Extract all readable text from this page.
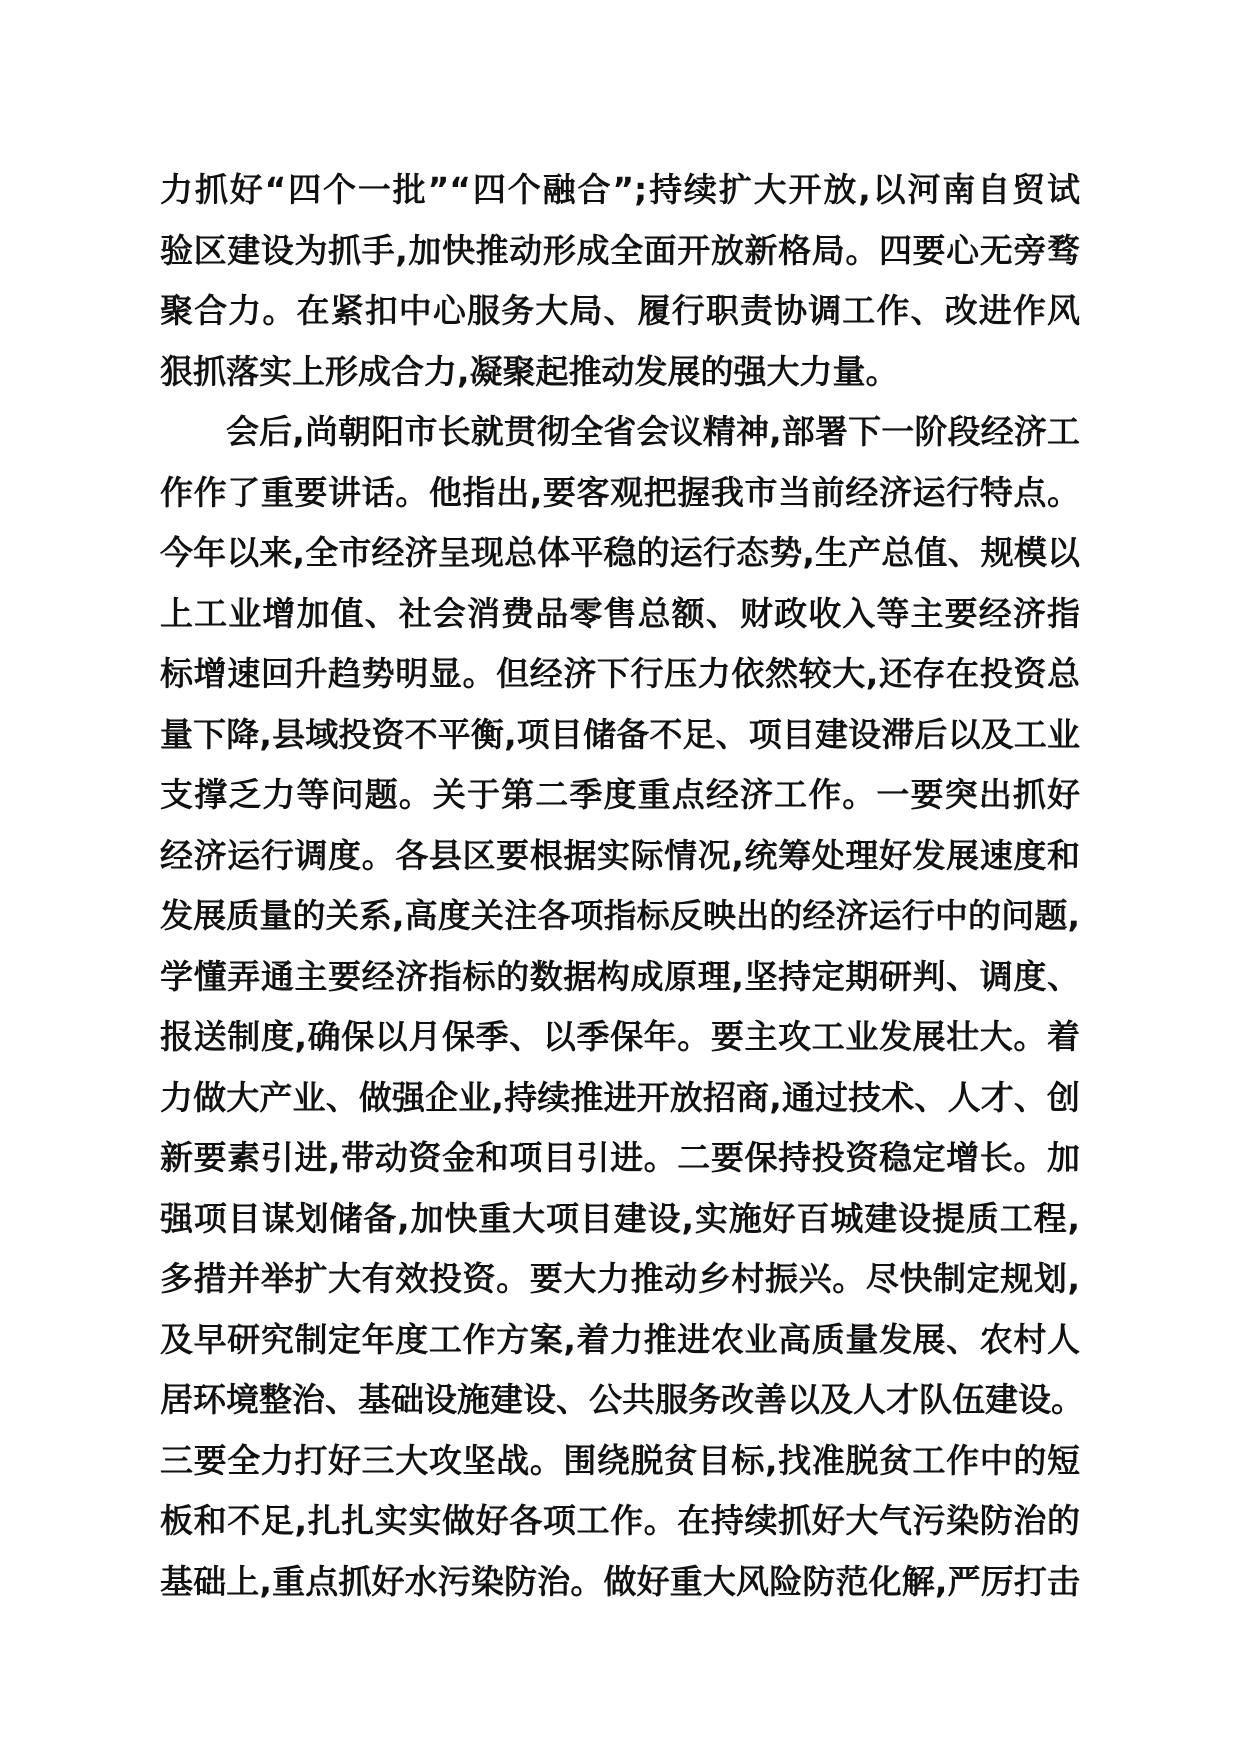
力抓好“四个一批”“四个融合”;持续扩大开放,以河南自贸试
验区建设为抓手,加快推动形成全面开放新格局。四要心无旁骛
聚合力。在紧扣中心服务大局、履行职责协调工作、改进作风
狠抓落实上形成合力,凝聚起推动发展的强大力量。
会后,尚朝阳市长就贯彻全省会议精神,部署下一阶段经济工
作作了重要讲话。他指出,要客观把握我市当前经济运行特点。
今年以来,全市经济呈现总体平稳的运行态势,生产总值、规模以
上工业增加值、社会消费品零售总额、财政收入等主要经济指
标增速回升趋势明显。但经济下行压力依然较大,还存在投资总
量下降,县域投资不平衡,项目储备不足、项目建设滞后以及工业
支撑乏力等问题。关于第二季度重点经济工作。一要突出抓好
经济运行调度。各县区要根据实际情况,统筹处理好发展速度和
发展质量的关系,高度关注各项指标反映出的经济运行中的问题,
学懂弄通主要经济指标的数据构成原理,坚持定期研判、调度、
报送制度,确保以月保季、以季保年。要主攻工业发展壮大。着
力做大产业、做强企业,持续推进开放招商,通过技术、人才、创
新要素引进,带动资金和项目引进。二要保持投资稳定增长。加
强项目谋划储备,加快重大项目建设,实施好百城建设提质工程,
多措并举扩大有效投资。要大力推动乡村振兴。尽快制定规划,
及早研究制定年度工作方案,着力推进农业高质量发展、农村人
居环境整治、基础设施建设、公共服务改善以及人才队伍建设。
三要全力打好三大攻坚战。围绕脱贫目标,找准脱贫工作中的短
板和不足,扎扎实实做好各项工作。在持续抓好大气污染防治的
基础上,重点抓好水污染防治。做好重大风险防范化解,严厉打击
